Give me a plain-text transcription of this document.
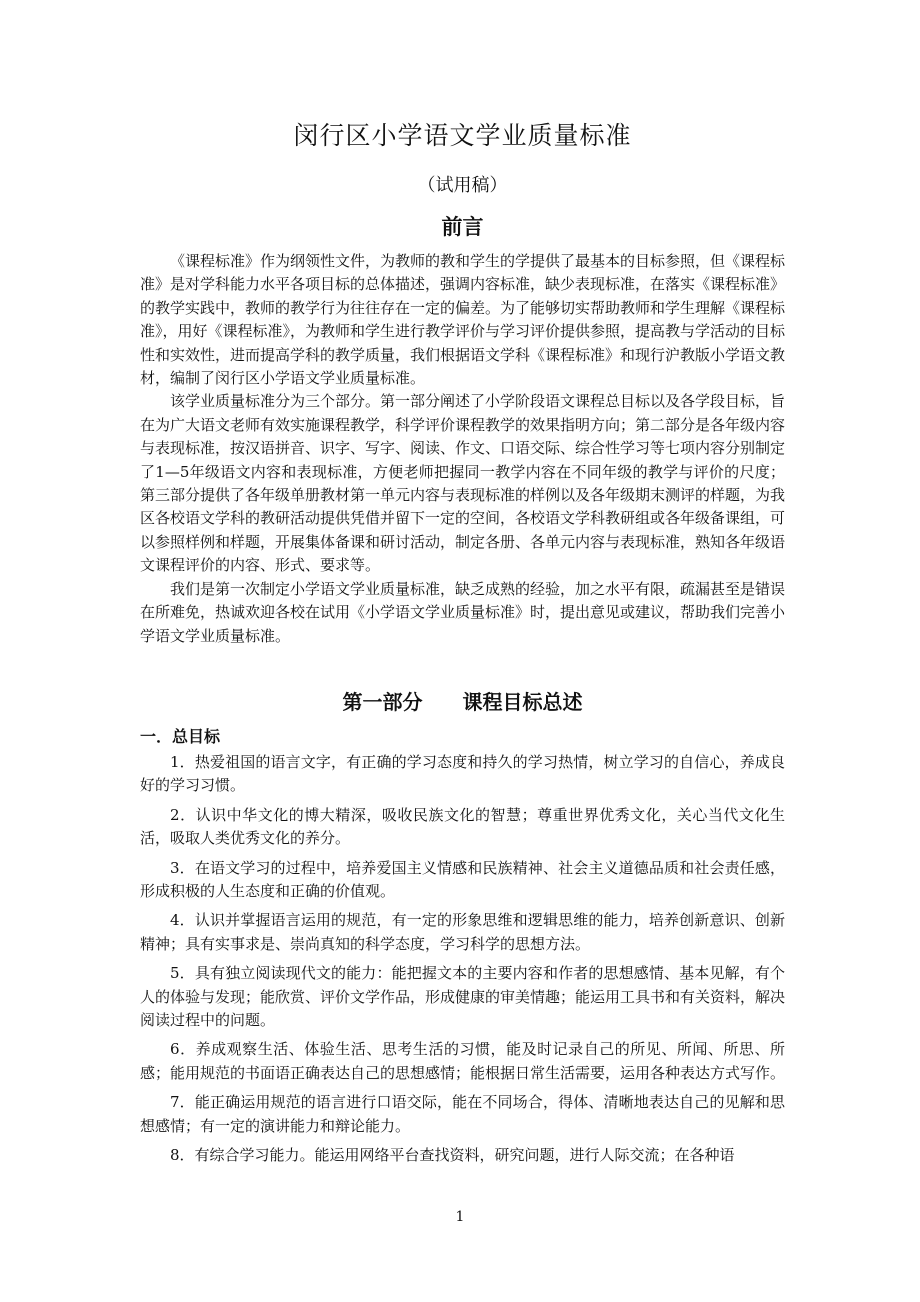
闵行区小学语文学业质量标准
（试用稿）
前言

《课程标准》作为纲领性文件，为教师的教和学生的学提供了最基本的目标参照，但《课程标准》是对学科能力水平各项目标的总体描述，强调内容标准，缺少表现标准，在落实《课程标准》的教学实践中，教师的教学行为往往存在一定的偏差。为了能够切实帮助教师和学生理解《课程标准》，用好《课程标准》，为教师和学生进行教学评价与学习评价提供参照，提高教与学活动的目标性和实效性，进而提高学科的教学质量，我们根据语文学科《课程标准》和现行沪教版小学语文教材，编制了闵行区小学语文学业质量标准。

该学业质量标准分为三个部分。第一部分阐述了小学阶段语文课程总目标以及各学段目标，旨在为广大语文老师有效实施课程教学，科学评价课程教学的效果指明方向；第二部分是各年级内容与表现标准，按汉语拼音、识字、写字、阅读、作文、口语交际、综合性学习等七项内容分别制定了1—5年级语文内容和表现标准，方便老师把握同一教学内容在不同年级的教学与评价的尺度；第三部分提供了各年级单册教材第一单元内容与表现标准的样例以及各年级期末测评的样题，为我区各校语文学科的教研活动提供凭借并留下一定的空间，各校语文学科教研组或各年级备课组，可以参照样例和样题，开展集体备课和研讨活动，制定各册、各单元内容与表现标准，熟知各年级语文课程评价的内容、形式、要求等。

我们是第一次制定小学语文学业质量标准，缺乏成熟的经验，加之水平有限，疏漏甚至是错误在所难免，热诚欢迎各校在试用《小学语文学业质量标准》时，提出意见或建议，帮助我们完善小学语文学业质量标准。

第一部分　　课程目标总述
一．总目标

1．热爱祖国的语言文字，有正确的学习态度和持久的学习热情，树立学习的自信心，养成良好的学习习惯。

2．认识中华文化的博大精深，吸收民族文化的智慧；尊重世界优秀文化，关心当代文化生活，吸取人类优秀文化的养分。

3．在语文学习的过程中，培养爱国主义情感和民族精神、社会主义道德品质和社会责任感，形成积极的人生态度和正确的价值观。

4．认识并掌握语言运用的规范，有一定的形象思维和逻辑思维的能力，培养创新意识、创新精神；具有实事求是、崇尚真知的科学态度，学习科学的思想方法。

5．具有独立阅读现代文的能力：能把握文本的主要内容和作者的思想感情、基本见解，有个人的体验与发现；能欣赏、评价文学作品，形成健康的审美情趣；能运用工具书和有关资料，解决阅读过程中的问题。

6．养成观察生活、体验生活、思考生活的习惯，能及时记录自己的所见、所闻、所思、所感；能用规范的书面语正确表达自己的思想感情；能根据日常生活需要，运用各种表达方式写作。

7．能正确运用规范的语言进行口语交际，能在不同场合，得体、清晰地表达自己的见解和思想感情；有一定的演讲能力和辩论能力。

8．有综合学习能力。能运用网络平台查找资料，研究问题，进行人际交流；在各种语

1
